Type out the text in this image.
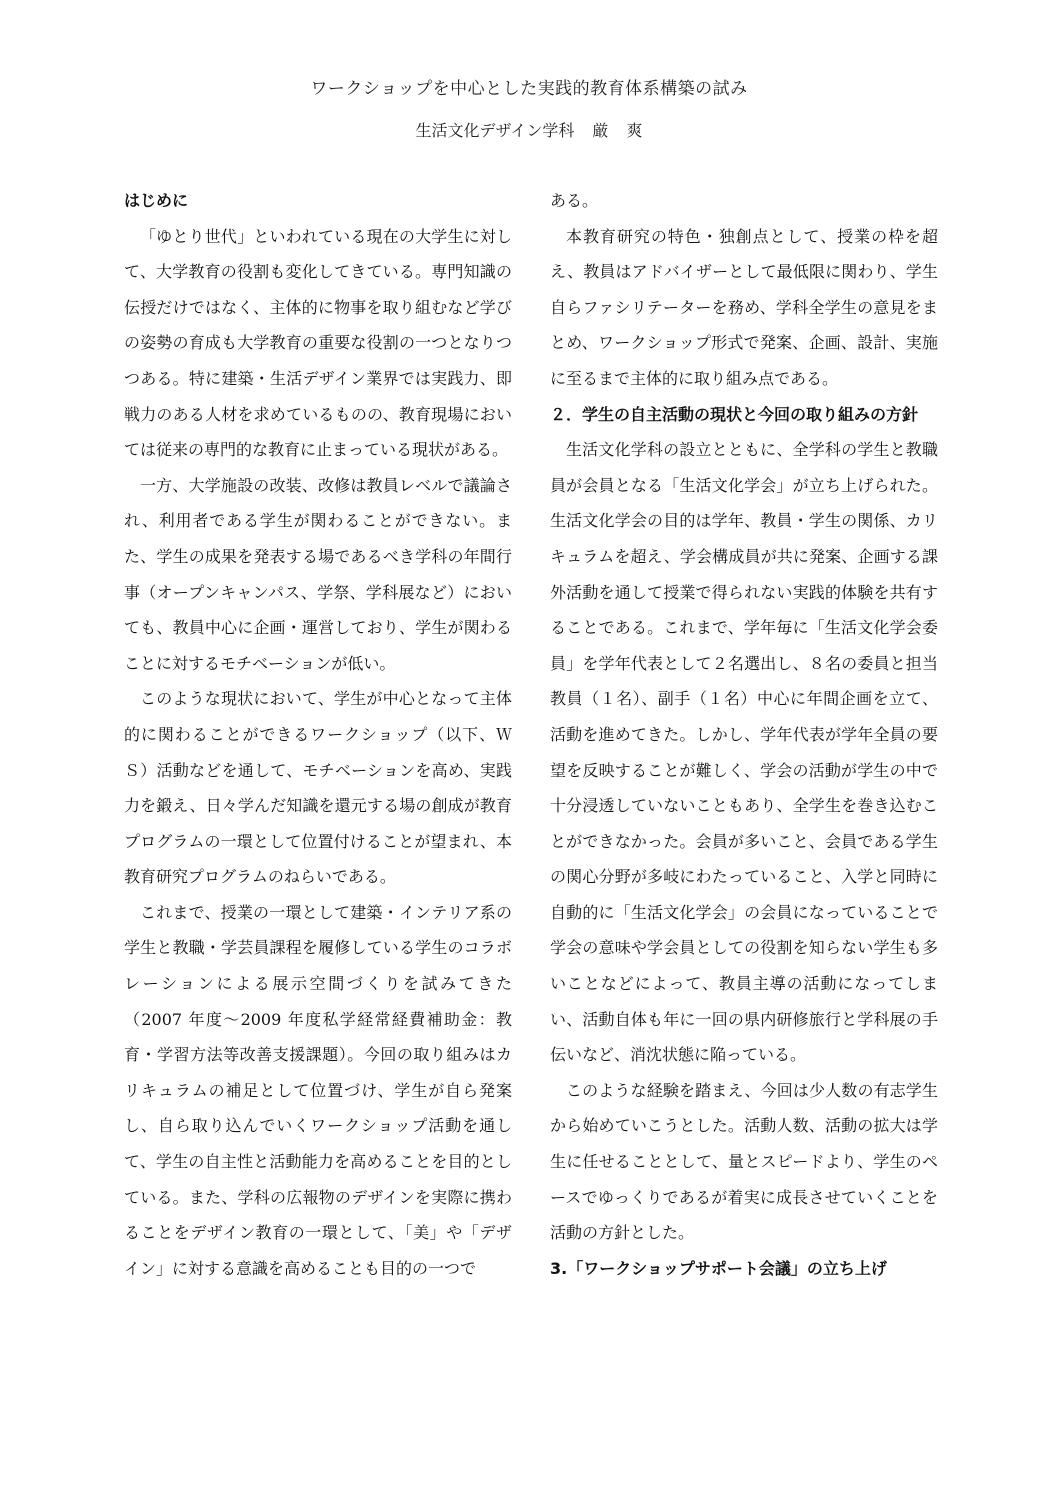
ワークショップを中心とした実践的教育体系構築の試み
生活文化デザイン学科 厳 爽
はじめに

「ゆとり世代」といわれている現在の大学生に対して、大学教育の役割も変化してきている。専門知識の伝授だけではなく、主体的に物事を取り組むなど学びの姿勢の育成も大学教育の重要な役割の一つとなりつつある。特に建築・生活デザイン業界では実践力、即戦力のある人材を求めているものの、教育現場においては従来の専門的な教育に止まっている現状がある。

一方、大学施設の改装、改修は教員レベルで議論され、利用者である学生が関わることができない。また、学生の成果を発表する場であるべき学科の年間行事（オープンキャンパス、学祭、学科展など）においても、教員中心に企画・運営しており、学生が関わることに対するモチベーションが低い。

このような現状において、学生が中心となって主体的に関わることができるワークショップ（以下、ＷＳ）活動などを通して、モチベーションを高め、実践力を鍛え、日々学んだ知識を還元する場の創成が教育プログラムの一環として位置付けることが望まれ、本教育研究プログラムのねらいである。

これまで、授業の一環として建築・インテリア系の学生と教職・学芸員課程を履修している学生のコラボレーションによる展示空間づくりを試みてきた（2007 年度～2009 年度私学経常経費補助金：教育・学習方法等改善支援課題）。今回の取り組みはカリキュラムの補足として位置づけ、学生が自ら発案し、自ら取り込んでいくワークショップ活動を通して、学生の自主性と活動能力を高めることを目的としている。また、学科の広報物のデザインを実際に携わることをデザイン教育の一環として、「美」や「デザイン」に対する意識を高めることも目的の一つで

ある。

本教育研究の特色・独創点として、授業の枠を超え、教員はアドバイザーとして最低限に関わり、学生自らファシリテーターを務め、学科全学生の意見をまとめ、ワークショップ形式で発案、企画、設計、実施に至るまで主体的に取り組み点である。

２．学生の自主活動の現状と今回の取り組みの方針

生活文化学科の設立とともに、全学科の学生と教職員が会員となる「生活文化学会」が立ち上げられた。生活文化学会の目的は学年、教員・学生の関係、カリキュラムを超え、学会構成員が共に発案、企画する課外活動を通して授業で得られない実践的体験を共有することである。これまで、学年毎に「生活文化学会委員」を学年代表として２名選出し、８名の委員と担当教員（１名）、副手（１名）中心に年間企画を立て、活動を進めてきた。しかし、学年代表が学年全員の要望を反映することが難しく、学会の活動が学生の中で十分浸透していないこともあり、全学生を巻き込むことができなかった。会員が多いこと、会員である学生の関心分野が多岐にわたっていること、入学と同時に自動的に「生活文化学会」の会員になっていることで学会の意味や学会員としての役割を知らない学生も多いことなどによって、教員主導の活動になってしまい、活動自体も年に一回の県内研修旅行と学科展の手伝いなど、消沈状態に陥っている。

このような経験を踏まえ、今回は少人数の有志学生から始めていこうとした。活動人数、活動の拡大は学生に任せることとして、量とスピードより、学生のペースでゆっくりであるが着実に成長させていくことを活動の方針とした。

3.「ワークショップサポート会議」の立ち上げ
